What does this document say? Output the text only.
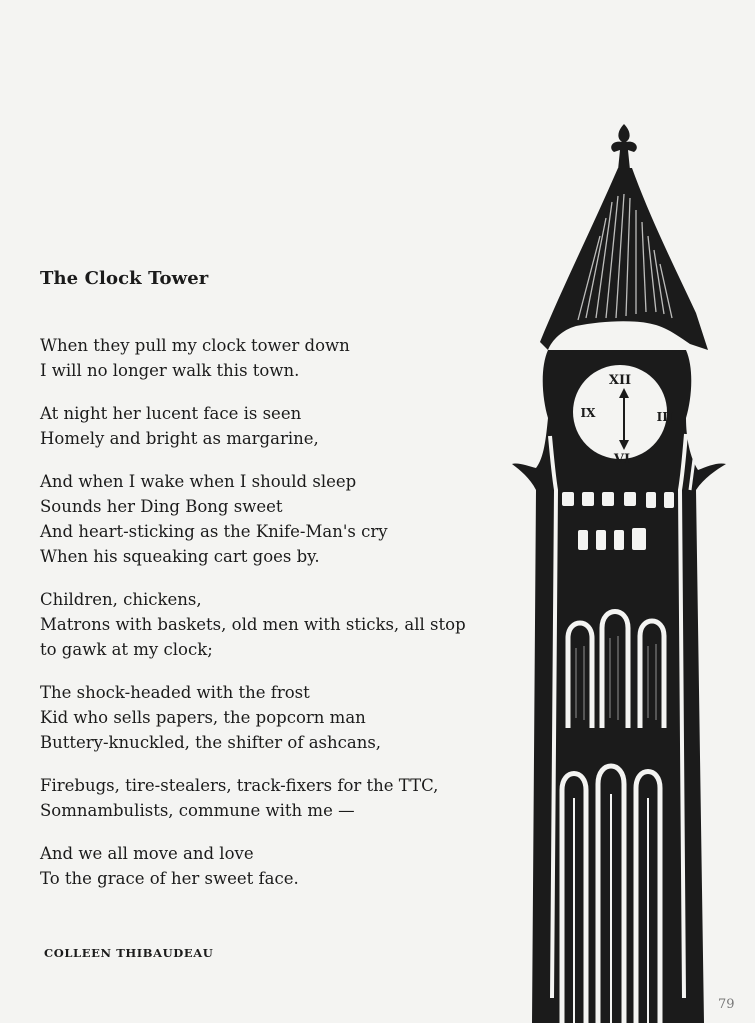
The Clock Tower
When they pull my clock tower down
I will no longer walk this town.
At night her lucent face is seen
Homely and bright as margarine,
And when I wake when I should sleep
Sounds her Ding Bong sweet
And heart-sticking as the Knife-Man's cry
When his squeaking cart goes by.
Children, chickens,
Matrons with baskets, old men with sticks, all stop
to gawk at my clock;
The shock-headed with the frost
Kid who sells papers, the popcorn man
Buttery-knuckled, the shifter of ashcans,
Firebugs, tire-stealers, track-fixers for the TTC,
Somnambulists, commune with me —
And we all move and love
To the grace of her sweet face.
COLLEEN THIBAUDEAU
79
XII
IX	III
VI
